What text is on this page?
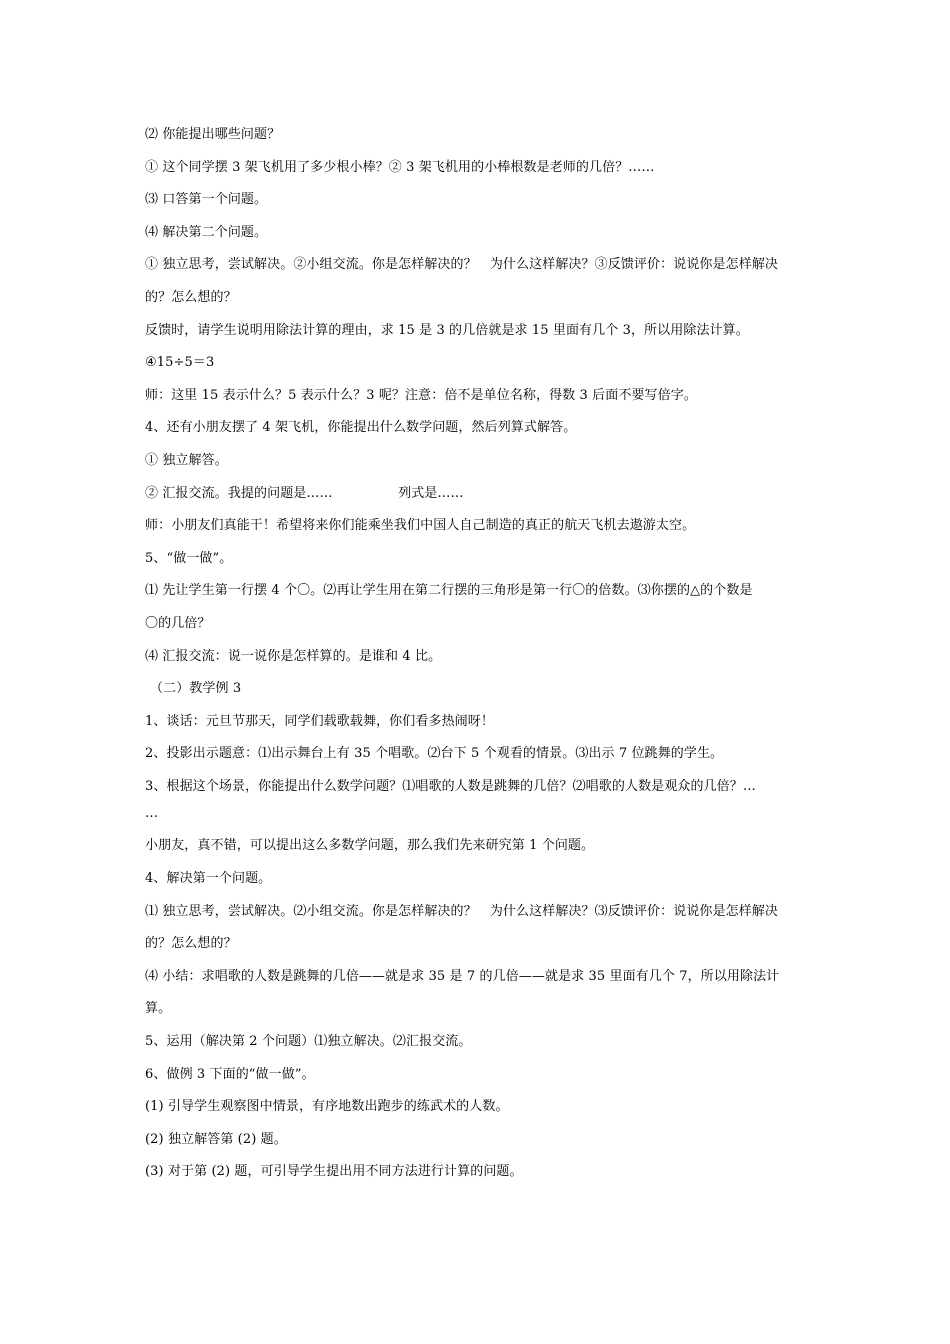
⑵ 你能提出哪些问题？

① 这个同学摆 3 架飞机用了多少根小棒？② 3 架飞机用的小棒根数是老师的几倍？……

⑶ 口答第一个问题。

⑷ 解决第二个问题。

① 独立思考，尝试解决。②小组交流。你是怎样解决的？　为什么这样解决？③反馈评价：说说你是怎样解决

的？怎么想的？

反馈时，请学生说明用除法计算的理由，求 15 是 3 的几倍就是求 15 里面有几个 3，所以用除法计算。

④15÷5＝3

师：这里 15 表示什么？5 表示什么？3 呢？注意：倍不是单位名称，得数 3 后面不要写倍字。

4、还有小朋友摆了 4 架飞机，你能提出什么数学问题，然后列算式解答。

① 独立解答。

② 汇报交流。我提的问题是……　　　　　列式是……

师：小朋友们真能干！希望将来你们能乘坐我们中国人自己制造的真正的航天飞机去遨游太空。

5、“做一做”。

⑴ 先让学生第一行摆 4 个〇。⑵再让学生用在第二行摆的三角形是第一行〇的倍数。⑶你摆的△的个数是

〇的几倍？

⑷ 汇报交流：说一说你是怎样算的。是谁和 4 比。

（二）教学例 3

1、谈话：元旦节那天，同学们载歌载舞，你们看多热闹呀！

2、投影出示题意：⑴出示舞台上有 35 个唱歌。⑵台下 5 个观看的情景。⑶出示 7 位跳舞的学生。

3、根据这个场景，你能提出什么数学问题？⑴唱歌的人数是跳舞的几倍？⑵唱歌的人数是观众的几倍？…

…

小朋友，真不错，可以提出这么多数学问题，那么我们先来研究第 1 个问题。

4、解决第一个问题。

⑴ 独立思考，尝试解决。⑵小组交流。你是怎样解决的？　为什么这样解决？⑶反馈评价：说说你是怎样解决

的？怎么想的？

⑷ 小结：求唱歌的人数是跳舞的几倍——就是求 35 是 7 的几倍——就是求 35 里面有几个 7，所以用除法计

算。

5、运用（解决第 2 个问题）⑴独立解决。⑵汇报交流。

6、做例 3 下面的“做一做”。

(1) 引导学生观察图中情景，有序地数出跑步的练武术的人数。

(2) 独立解答第 (2) 题。

(3) 对于第 (2) 题，可引导学生提出用不同方法进行计算的问题。
